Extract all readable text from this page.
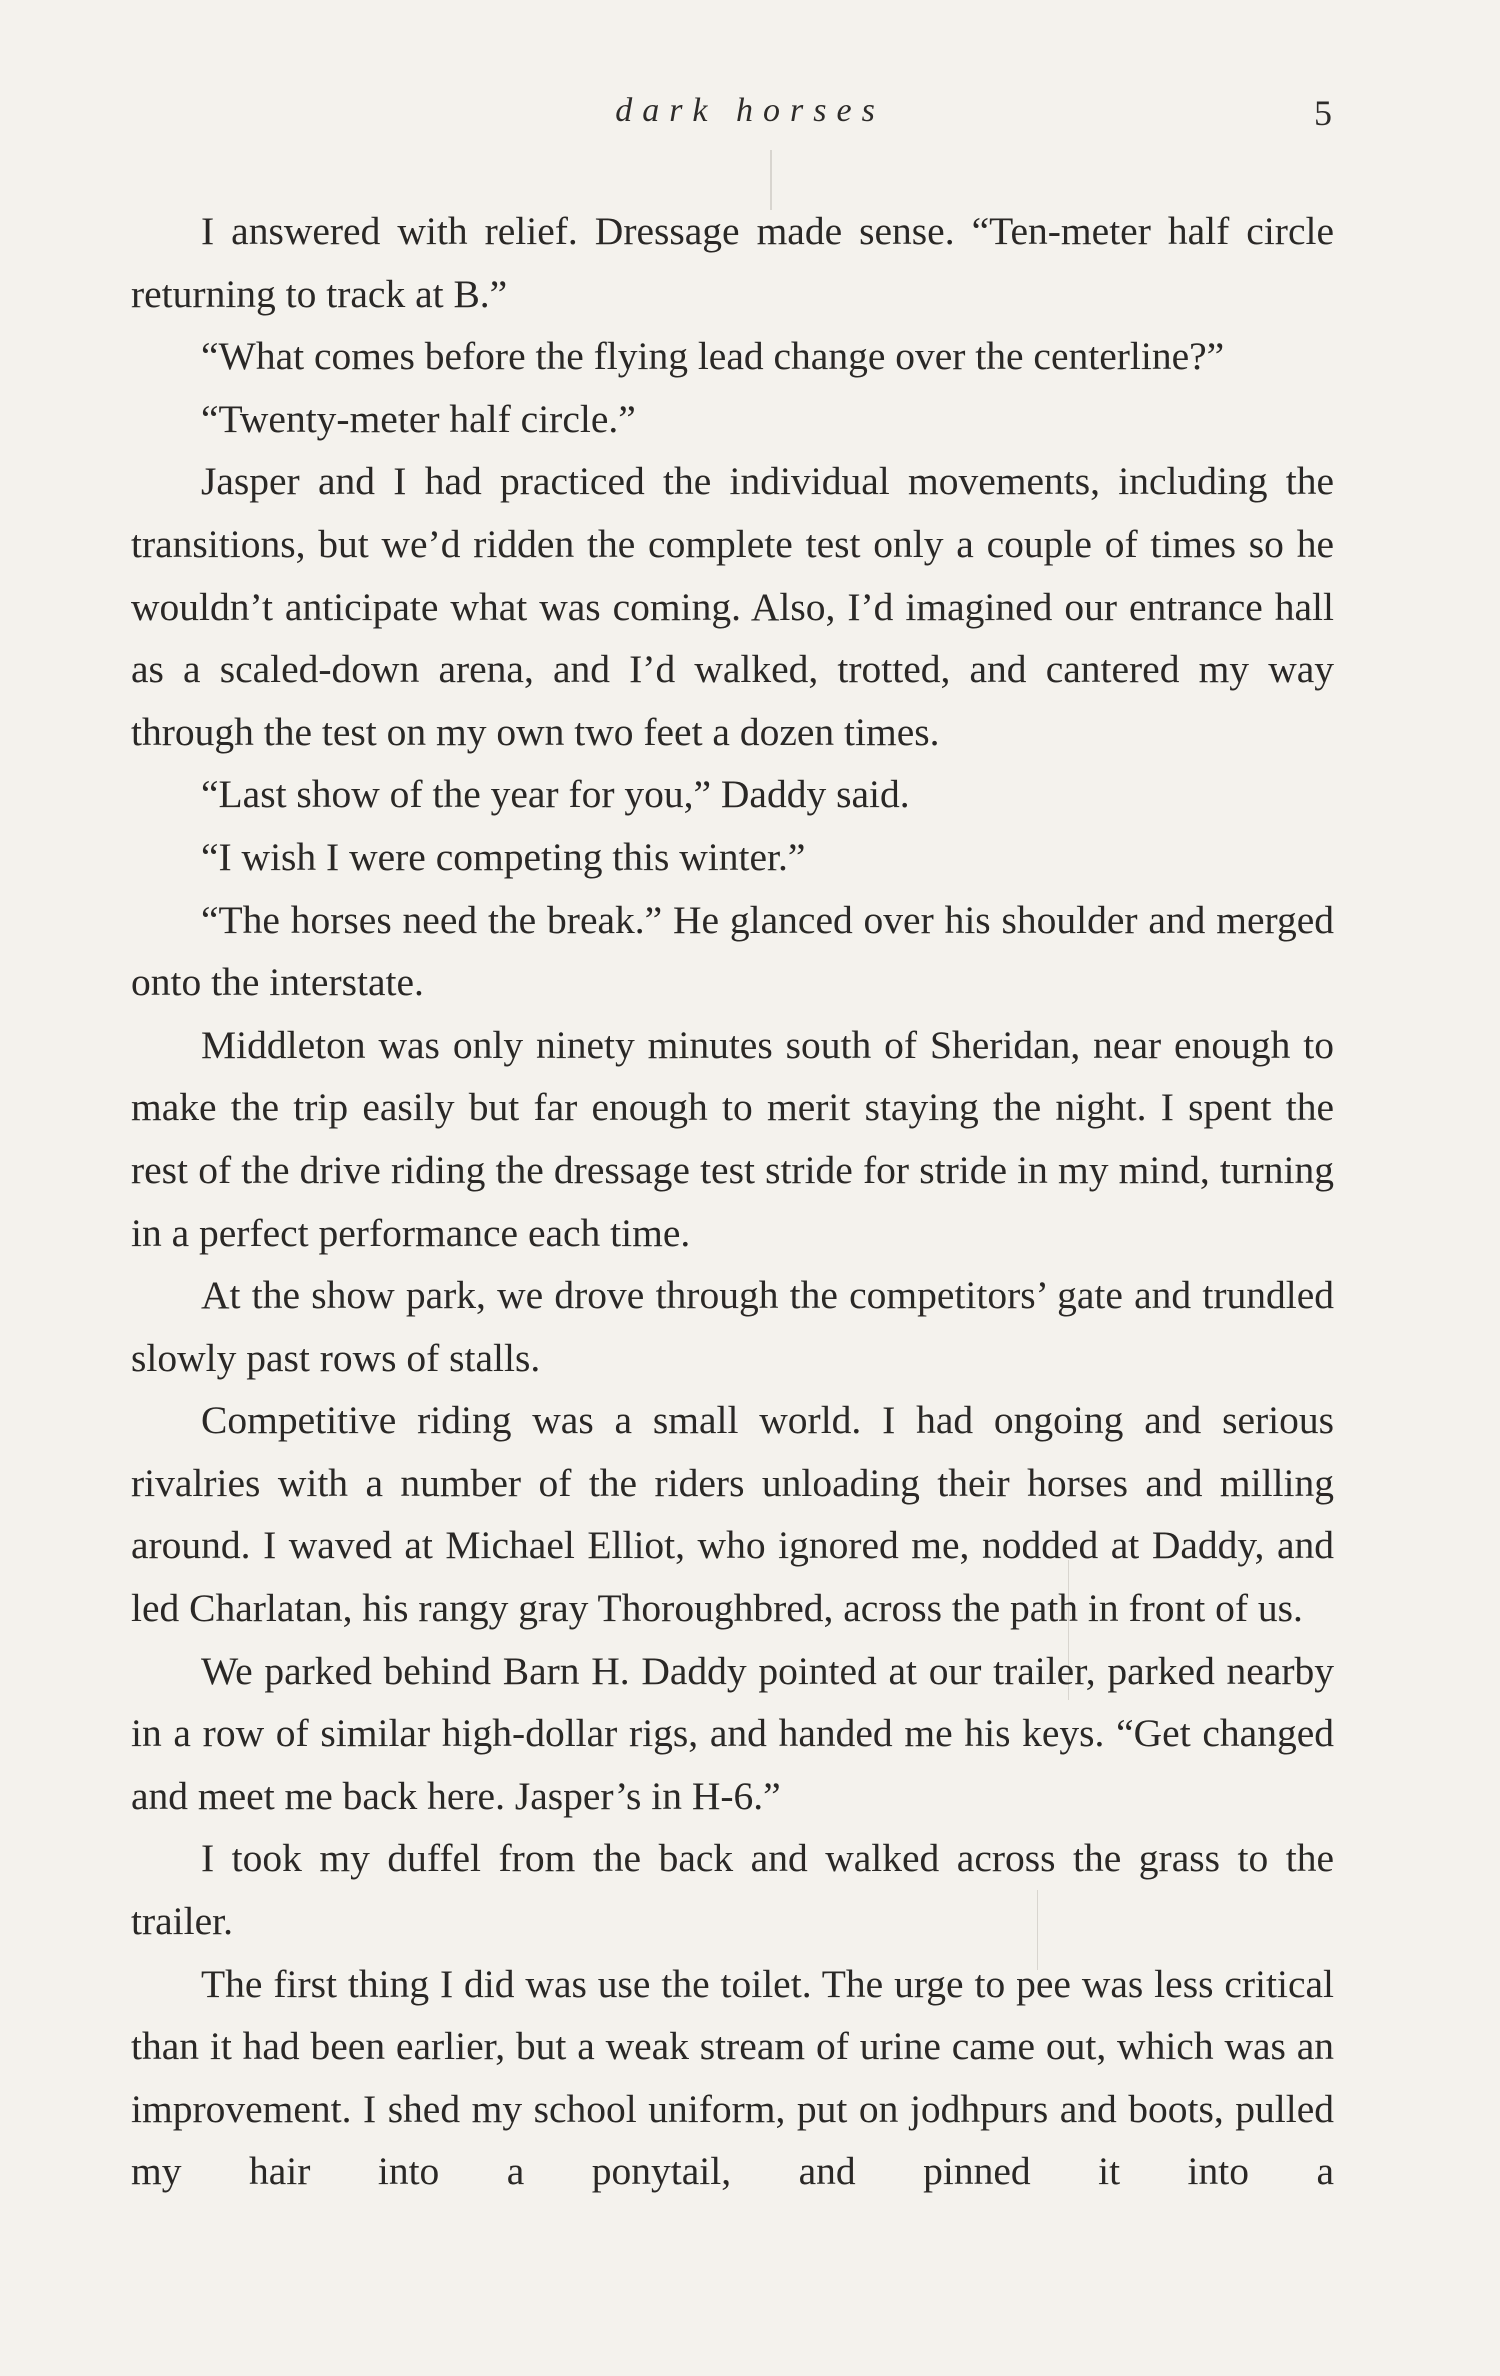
dark horses	5

I answered with relief. Dressage made sense. “Ten-meter half circle returning to track at B.”

“What comes before the flying lead change over the centerline?”

“Twenty-meter half circle.”

Jasper and I had practiced the individual movements, including the transitions, but we’d ridden the complete test only a couple of times so he wouldn’t anticipate what was coming. Also, I’d imagined our entrance hall as a scaled-down arena, and I’d walked, trotted, and cantered my way through the test on my own two feet a dozen times.

“Last show of the year for you,” Daddy said.

“I wish I were competing this winter.”

“The horses need the break.” He glanced over his shoulder and merged onto the interstate.

Middleton was only ninety minutes south of Sheridan, near enough to make the trip easily but far enough to merit staying the night. I spent the rest of the drive riding the dressage test stride for stride in my mind, turning in a perfect performance each time.

At the show park, we drove through the competitors’ gate and trundled slowly past rows of stalls.

Competitive riding was a small world. I had ongoing and serious rivalries with a number of the riders unloading their horses and milling around. I waved at Michael Elliot, who ignored me, nodded at Daddy, and led Charlatan, his rangy gray Thoroughbred, across the path in front of us.

We parked behind Barn H. Daddy pointed at our trailer, parked nearby in a row of similar high-dollar rigs, and handed me his keys. “Get changed and meet me back here. Jasper’s in H-6.”

I took my duffel from the back and walked across the grass to the trailer.

The first thing I did was use the toilet. The urge to pee was less critical than it had been earlier, but a weak stream of urine came out, which was an improvement. I shed my school uniform, put on jodhpurs and boots, pulled my hair into a ponytail, and pinned it into a
